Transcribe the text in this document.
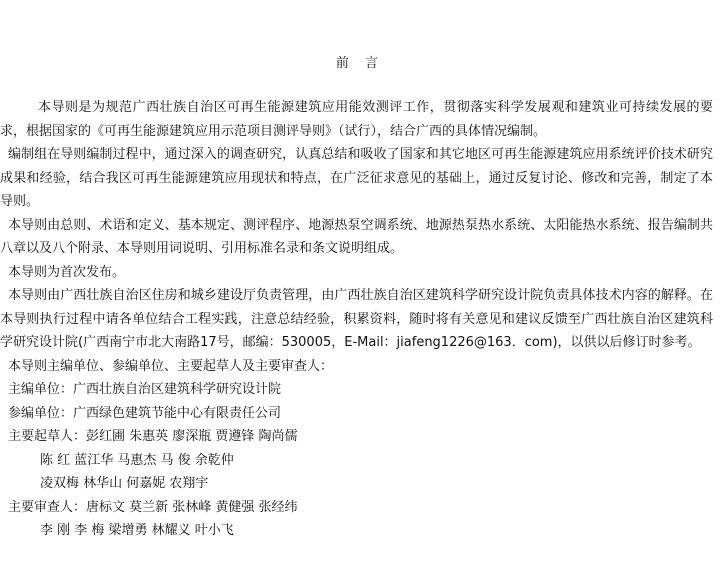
前 言

本导则是为规范广西壮族自治区可再生能源建筑应用能效测评工作，贯彻落实科学发展观和建筑业可持续发展的要求，根据国家的《可再生能源建筑应用示范项目测评导则》（试行），结合广西的具体情况编制。

编制组在导则编制过程中，通过深入的调查研究，认真总结和吸收了国家和其它地区可再生能源建筑应用系统评价技术研究成果和经验，结合我区可再生能源建筑应用现状和特点，在广泛征求意见的基础上，通过反复讨论、修改和完善，制定了本导则。

本导则由总则、术语和定义、基本规定、测评程序、地源热泵空调系统、地源热泵热水系统、太阳能热水系统、报告编制共八章以及八个附录、本导则用词说明、引用标准名录和条文说明组成。

本导则为首次发布。

本导则由广西壮族自治区住房和城乡建设厅负责管理，由广西壮族自治区建筑科学研究设计院负责具体技术内容的解释。在本导则执行过程中请各单位结合工程实践，注意总结经验，积累资料，随时将有关意见和建议反馈至广西壮族自治区建筑科学研究设计院(广西南宁市北大南路17号，邮编：530005，E-Mail：jiafeng1226@163．com)，以供以后修订时参考。

本导则主编单位、参编单位、主要起草人及主要审查人：

主编单位：广西壮族自治区建筑科学研究设计院

参编单位：广西绿色建筑节能中心有限责任公司

主要起草人：彭红圃 朱惠英 廖深瓶 贾遵锋 陶尚儒

陈 红 蓝江华 马惠杰 马 俊 余乾仲

凌双梅 林华山 何嘉妮 农翔宇

主要审查人：唐标文 莫兰新 张林峰 黄健强 张经纬

李 刚 李 梅 梁增勇 林耀义 叶小飞
